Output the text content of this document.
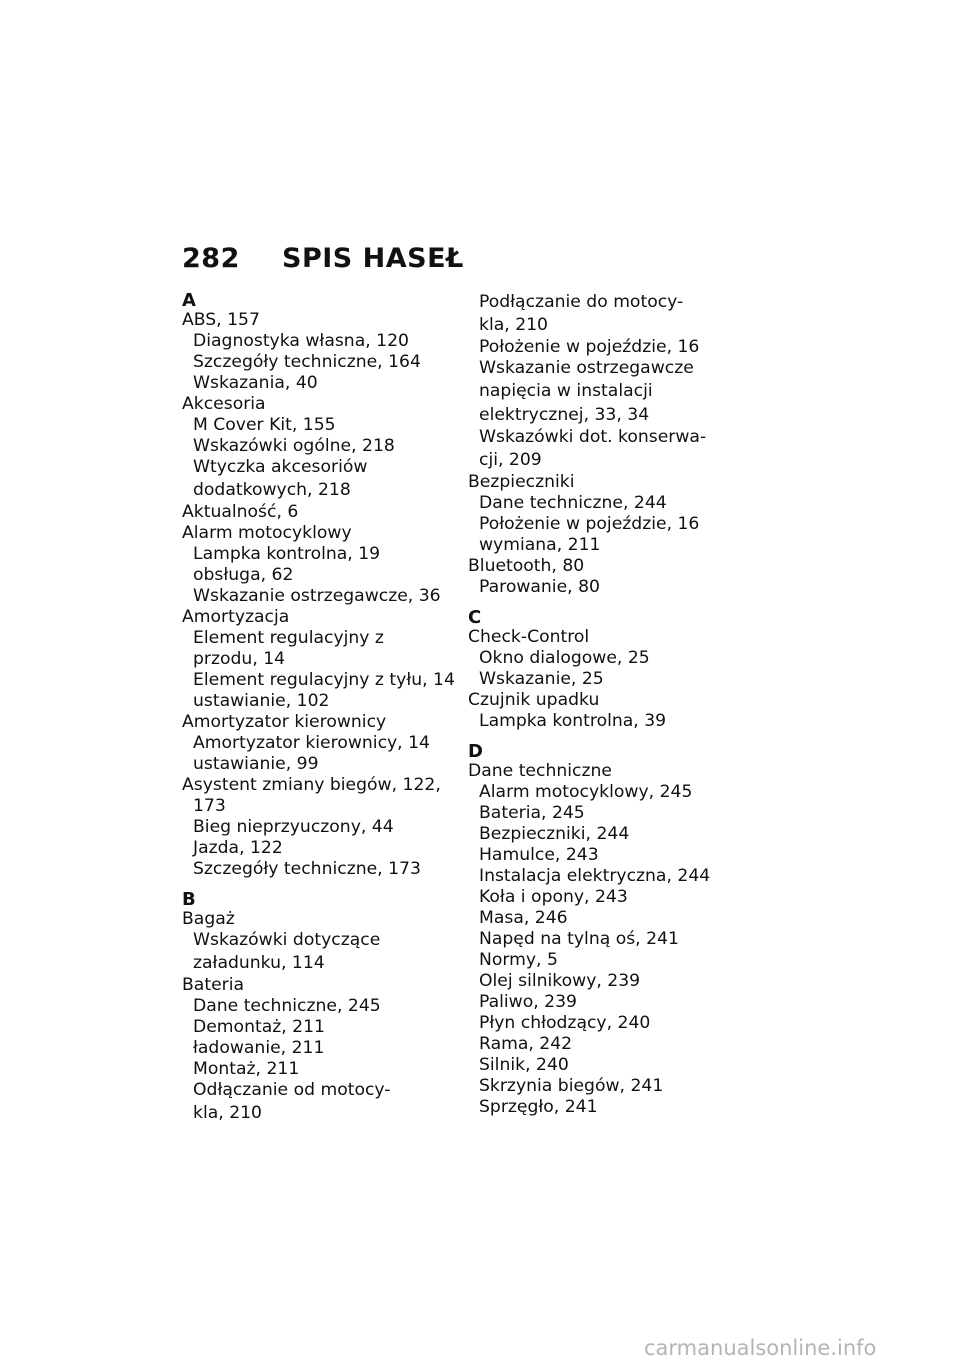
282 SPIS HASEŁ
A
ABS, 157
Diagnostyka własna, 120
Szczegóły techniczne, 164
Wskazania, 40
Akcesoria
M Cover Kit, 155
Wskazówki ogólne, 218
Wtyczka akcesoriów
dodatkowych, 218
Aktualność, 6
Alarm motocyklowy
Lampka kontrolna, 19
obsługa, 62
Wskazanie ostrzegawcze, 36
Amortyzacja
Element regulacyjny z
przodu, 14
Element regulacyjny z tyłu, 14
ustawianie, 102
Amortyzator kierownicy
Amortyzator kierownicy, 14
ustawianie, 99
Asystent zmiany biegów, 122,
173
Bieg nieprzyuczony, 44
Jazda, 122
Szczegóły techniczne, 173
B
Bagaż
Wskazówki dotyczące
załadunku, 114
Bateria
Dane techniczne, 245
Demontaż, 211
ładowanie, 211
Montaż, 211
Odłączanie od motocy-
kla, 210
Podłączanie do motocy-
kla, 210
Położenie w pojeździe, 16
Wskazanie ostrzegawcze
napięcia w instalacji
elektrycznej, 33, 34
Wskazówki dot. konserwa-
cji, 209
Bezpieczniki
Dane techniczne, 244
Położenie w pojeździe, 16
wymiana, 211
Bluetooth, 80
Parowanie, 80
C
Check-Control
Okno dialogowe, 25
Wskazanie, 25
Czujnik upadku
Lampka kontrolna, 39
D
Dane techniczne
Alarm motocyklowy, 245
Bateria, 245
Bezpieczniki, 244
Hamulce, 243
Instalacja elektryczna, 244
Koła i opony, 243
Masa, 246
Napęd na tylną oś, 241
Normy, 5
Olej silnikowy, 239
Paliwo, 239
Płyn chłodzący, 240
Rama, 242
Silnik, 240
Skrzynia biegów, 241
Sprzęgło, 241
carmanualsonline.info
